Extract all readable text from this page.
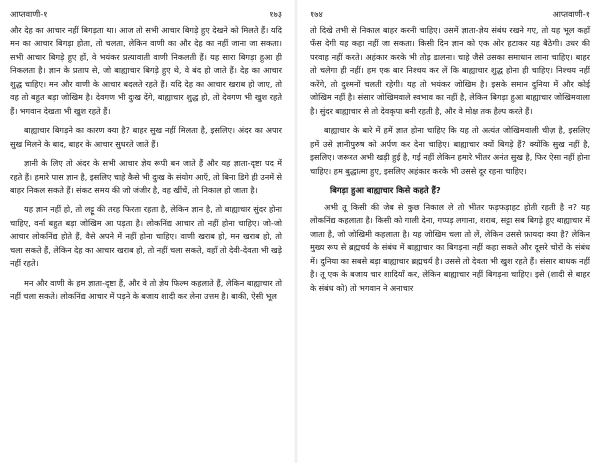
आप्तवाणी-१	१७३

और देह का आचार नहीं बिगड़ता था। आज तो सभी आचार बिगड़े हुए देखने को मिलते हैं। यदि मन का आचार बिगड़ा होता, तो चलता, लेकिन वाणी का और देह का नहीं जाना जा सकता। सभी आचार बिगड़े हुए हों, वे भयंकर प्रत्यावाती वाणी निकलती हैं। यह सारा बिगड़ा हुआ ही निकलता है। ज्ञान के प्रताप से, जो बाह्याचार बिगड़े हुए थे, वे बंद हो जाते हैं। देह का आचार शुद्ध चाहिए। मन और वाणी के आचार बदलते रहते हैं। यदि देह का आचार खराब हो जाए, तो वह तो बहुत बड़ा जोखिम है। देवगण भी दुःख देंगे, बाह्याचार शुद्ध हो, तो देवगण भी खुश रहते हैं। भगवान देखता भी खुश रहते हैं।

बाह्याचार बिगड़ने का कारण क्या है? बाहर सुख नहीं मिलता है, इसलिए। अंदर का अपार सुख मिलने के बाद, बाहर के आचार सुधरते जाते हैं।

ज्ञानी के लिए तो अंदर के सभी आचार ज्ञेय रूपी बन जाते हैं और यह ज्ञाता-दृष्टा पद में रहते हैं। हमारे पास ज्ञान है, इसलिए चाहे कैसे भी दुःख के संयोग आएँ, तो बिना डिगे ही उनमें से बाहर निकल सकते हैं। संकट समय की जो जंजीर है, वह खींचें, तो निकाल हो जाता है।

यह ज्ञान नहीं हो, तो लट्टू की तरह फिरता रहता है, लेकिन ज्ञान है, तो बाह्याचार सुंदर होना चाहिए, वर्ना बहुत बड़ा जोखिम आ पड़ता है। लोकनिंद्य आचार तो नहीं होना चाहिए। जो-जो आचार लोकनिंद्य होते हैं, वैसे अपने में नहीं होना चाहिए। वाणी खराब हो, मन खराब हो, तो चला सकते हैं, लेकिन देह का आचार खराब हो, तो नहीं चला सकते, वहाँ तो देवी-देवता भी खड़े नहीं रहते।

मन और वाणी के हम ज्ञाता-दृष्टा हैं, और वे तो ज्ञेय फिल्म कहलाते हैं, लेकिन बाह्याचार तो नहीं चला सकते। लोकनिंद्य आचार में पड़ने के बजाय शादी कर लेना उत्तम है। बाकी, ऐसी भूल

१७४	आप्तवाणी-१

तो दिखे तभी से निकाल बाहर करनी चाहिए। उसमें ज्ञाता-ज्ञेय संबंध रखने गए, तो यह भूल कहाँ फँस देगी यह कहा नहीं जा सकता। किसी दिन ज्ञान को एक ओर हटाकर यह बैठेगी। उधर की परवाह नहीं करते। अहंकार करके भी तोड़ डालना। चाहे जैसे उसका समाधान लाना चाहिए। बाहर तो चलेगा ही नहीं। हम एक बार निश्चय कर लें कि बाह्याचार शुद्ध होना ही चाहिए। निश्चय नहीं करेंगे, तो दुश्मनों चलती रहेगी। यह तो भयंकर जोखिम है। इसके समान दुनिया में और कोई जोखिम नहीं है। संसार जोखिमवाले स्वभाव का नहीं है, लेकिन बिगड़ा हुआ बाह्याचार जोखिमवाला है। सुंदर बाह्याचार से तो देवकृपा बनी रहती है, और वे मोक्ष तक हैल्प करते हैं।

बाह्याचार के बारे में हमें ज्ञात होना चाहिए कि यह तो अत्यंत जोखिमवाली चीज़ है, इसलिए हमें उसे ज्ञानीपुरुष को अर्पण कर देना चाहिए। बाह्याचार क्यों बिगड़े हैं? क्योंकि सुख नहीं है, इसलिए। जरूरत अभी खड़ी हुई है, गई नहीं लेकिन हमारे भीतर अनंत सुख है, फिर ऐसा नहीं होना चाहिए। हम बुद्धात्मा हुए, इसलिए अहंकार करके भी उससे दूर रहना चाहिए।

बिगड़ा हुआ बाह्याचार किसे कहते हैं?

अभी तू किसी की जेब से कुछ निकाल ले तो भीतर फड़फड़ाहट होती रहती है न? यह लोकनिंद्य कहलाता है। किसी को गाली देना, गप्पड़ लगाना, शराब, सट्टा सब बिगड़े हुए बाह्याचार में जाता है, जो जोखिमी कहलाता है। यह जोखिम चला तो लें, लेकिन उससे फ़ायदा क्या है? लेकिन मुख्य रूप से ब्रह्मचर्य के संबंध में बाह्याचार का बिगड़ना नहीं कहा सकते और दूसरे चोरों के संबंध में। दुनिया का सबसे बड़ा बाह्याचार ब्रह्मचर्य है। उससे तो देवता भी खुश रहते हैं। संसार बाधक नहीं है। तू एक के बजाय चार शादियाँ कर, लेकिन बाह्याचार नहीं बिगड़ना चाहिए। इसे (शादी से बाहर के संबंध को) तो भगवान ने अनाचार
